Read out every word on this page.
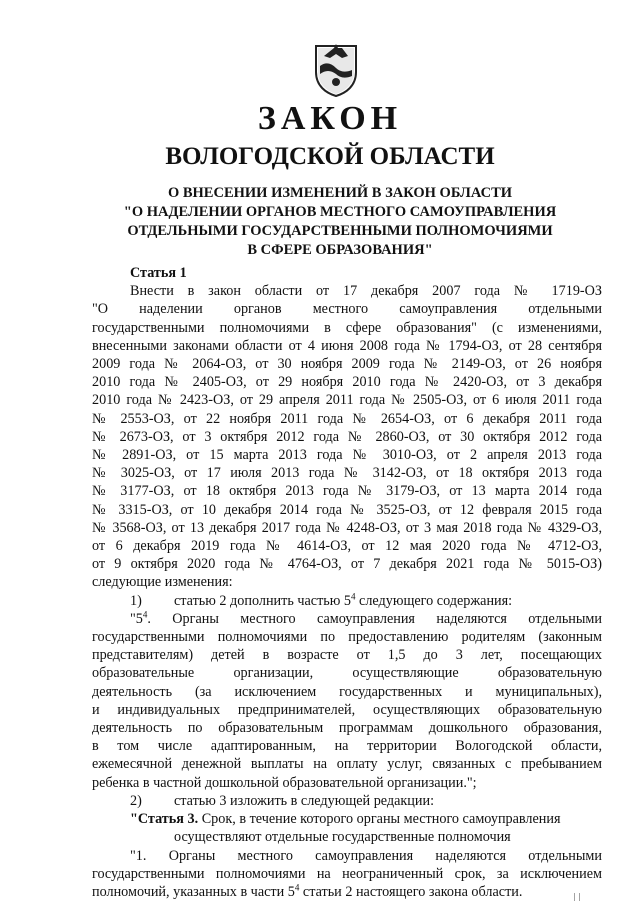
ЗАКОН
ВОЛОГОДСКОЙ ОБЛАСТИ
О ВНЕСЕНИИ ИЗМЕНЕНИЙ В ЗАКОН ОБЛАСТИ
"О НАДЕЛЕНИИ ОРГАНОВ МЕСТНОГО САМОУПРАВЛЕНИЯ
ОТДЕЛЬНЫМИ ГОСУДАРСТВЕННЫМИ ПОЛНОМОЧИЯМИ
В СФЕРЕ ОБРАЗОВАНИЯ"

Статья 1

Внести в закон области от 17 декабря 2007 года № 1719-ОЗ

"О наделении органов местного самоуправления отдельными

государственными полномочиями в сфере образования" (с изменениями,

внесенными законами области от 4 июня 2008 года № 1794-ОЗ, от 28 сентября

2009 года № 2064-ОЗ, от 30 ноября 2009 года № 2149-ОЗ, от 26 ноября

2010 года № 2405-ОЗ, от 29 ноября 2010 года № 2420-ОЗ, от 3 декабря

2010 года № 2423-ОЗ, от 29 апреля 2011 года № 2505-ОЗ, от 6 июля 2011 года

№ 2553-ОЗ, от 22 ноября 2011 года № 2654-ОЗ, от 6 декабря 2011 года

№ 2673-ОЗ, от 3 октября 2012 года № 2860-ОЗ, от 30 октября 2012 года

№ 2891-ОЗ, от 15 марта 2013 года № 3010-ОЗ, от 2 апреля 2013 года

№ 3025-ОЗ, от 17 июля 2013 года № 3142-ОЗ, от 18 октября 2013 года

№ 3177-ОЗ, от 18 октября 2013 года № 3179-ОЗ, от 13 марта 2014 года

№ 3315-ОЗ, от 10 декабря 2014 года № 3525-ОЗ, от 12 февраля 2015 года

№ 3568-ОЗ, от 13 декабря 2017 года № 4248-ОЗ, от 3 мая 2018 года № 4329-ОЗ,

от 6 декабря 2019 года № 4614-ОЗ, от 12 мая 2020 года № 4712-ОЗ,

от 9 октября 2020 года № 4764-ОЗ, от 7 декабря 2021 года № 5015-ОЗ)

следующие изменения:

1) статью 2 дополнить частью $5^4$ следующего содержания:

"$5^4$. Органы местного самоуправления наделяются отдельными

государственными полномочиями по предоставлению родителям (законным

представителям) детей в возрасте от 1,5 до 3 лет, посещающих

образовательные организации, осуществляющие образовательную

деятельность (за исключением государственных и муниципальных),

и индивидуальных предпринимателей, осуществляющих образовательную

деятельность по образовательным программам дошкольного образования,

в том числе адаптированным, на территории Вологодской области,

ежемесячной денежной выплаты на оплату услуг, связанных с пребыванием

ребенка в частной дошкольной образовательной организации.";

2) статью 3 изложить в следующей редакции:

"Статья 3. Срок, в течение которого органы местного самоуправления

осуществляют отдельные государственные полномочия

"1. Органы местного самоуправления наделяются отдельными

государственными полномочиями на неограниченный срок, за исключением

полномочий, указанных в части $5^4$ статьи 2 настоящего закона области.	| |
